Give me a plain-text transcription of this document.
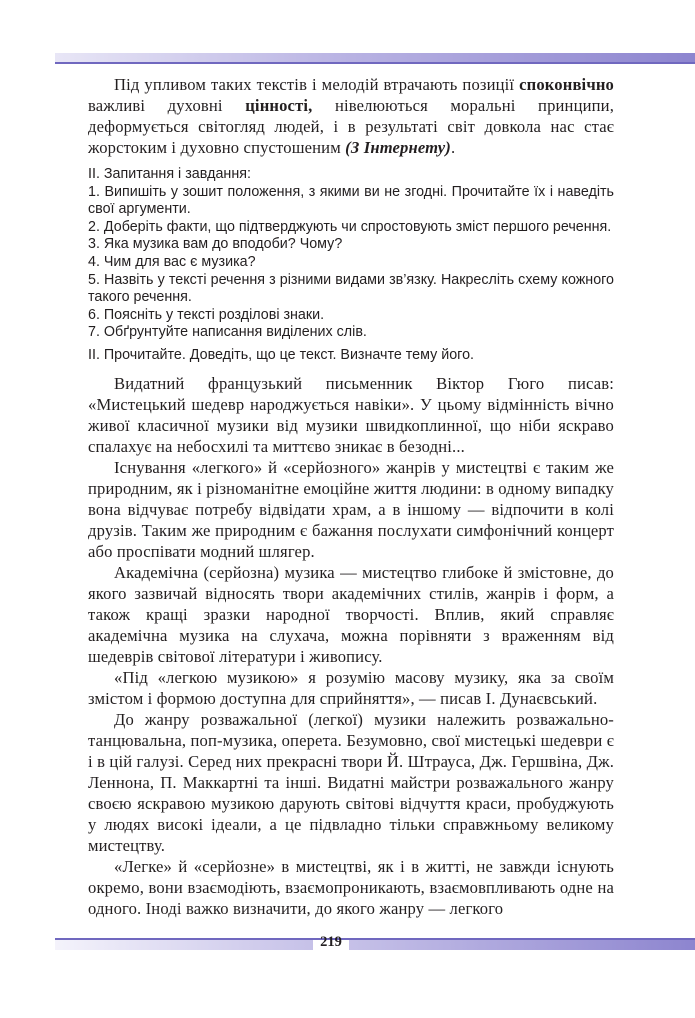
Під упливом таких текстів і мелодій втрачають позиції споконвічно важливі духовні цінності, нівелюються моральні принципи, деформується світогляд людей, і в результаті світ довкола нас стає жорстоким і духовно спустошеним (З Інтернету).

ІІ. Запитання і завдання:
1. Випишіть у зошит положення, з якими ви не згодні. Прочитайте їх і наведіть свої аргументи.
2. Доберіть факти, що підтверджують чи спростовують зміст першого речення.
3. Яка музика вам до вподоби? Чому?
4. Чим для вас є музика?
5. Назвіть у тексті речення з різними видами зв’язку. Накресліть схему кожного такого речення.
6. Поясніть у тексті розділові знаки.
7. Обґрунтуйте написання виділених слів.
ІІ. Прочитайте. Доведіть, що це текст. Визначте тему його.

Видатний французький письменник Віктор Гюго писав: «Мистецький шедевр народжується навіки». У цьому відмінність вічно живої класичної музики від музики швидкоплинної, що ніби яскраво спалахує на небосхилі та миттєво зникає в безодні...

Існування «легкого» й «серйозного» жанрів у мистецтві є таким же природним, як і різноманітне емоційне життя людини: в одному випадку вона відчуває потребу відвідати храм, а в іншому — відпочити в колі друзів. Таким же природним є бажання послухати симфонічний концерт або проспівати модний шлягер.

Академічна (серйозна) музика — мистецтво глибоке й змістовне, до якого зазвичай відносять твори академічних стилів, жанрів і форм, а також кращі зразки народної творчості. Вплив, який справляє академічна музика на слухача, можна порівняти з враженням від шедеврів світової літератури і живопису.

«Під «легкою музикою» я розумію масову музику, яка за своїм змістом і формою доступна для сприйняття», — писав І. Дунаєвський.

До жанру розважальної (легкої) музики належить розважально-танцювальна, поп-музика, оперета. Безумовно, свої мистецькі шедеври є і в цій галузі. Серед них прекрасні твори Й. Штрауса, Дж. Гершвіна, Дж. Леннона, П. Маккартні та інші. Видатні майстри розважального жанру своєю яскравою музикою дарують світові відчуття краси, пробуджують у людях високі ідеали, а це підвладно тільки справжньому великому мистецтву.

«Легке» й «серйозне» в мистецтві, як і в житті, не завжди існують окремо, вони взаємодіють, взаємопроникають, взаємовпливають одне на одного. Іноді важко визначити, до якого жанру — легкого

219
